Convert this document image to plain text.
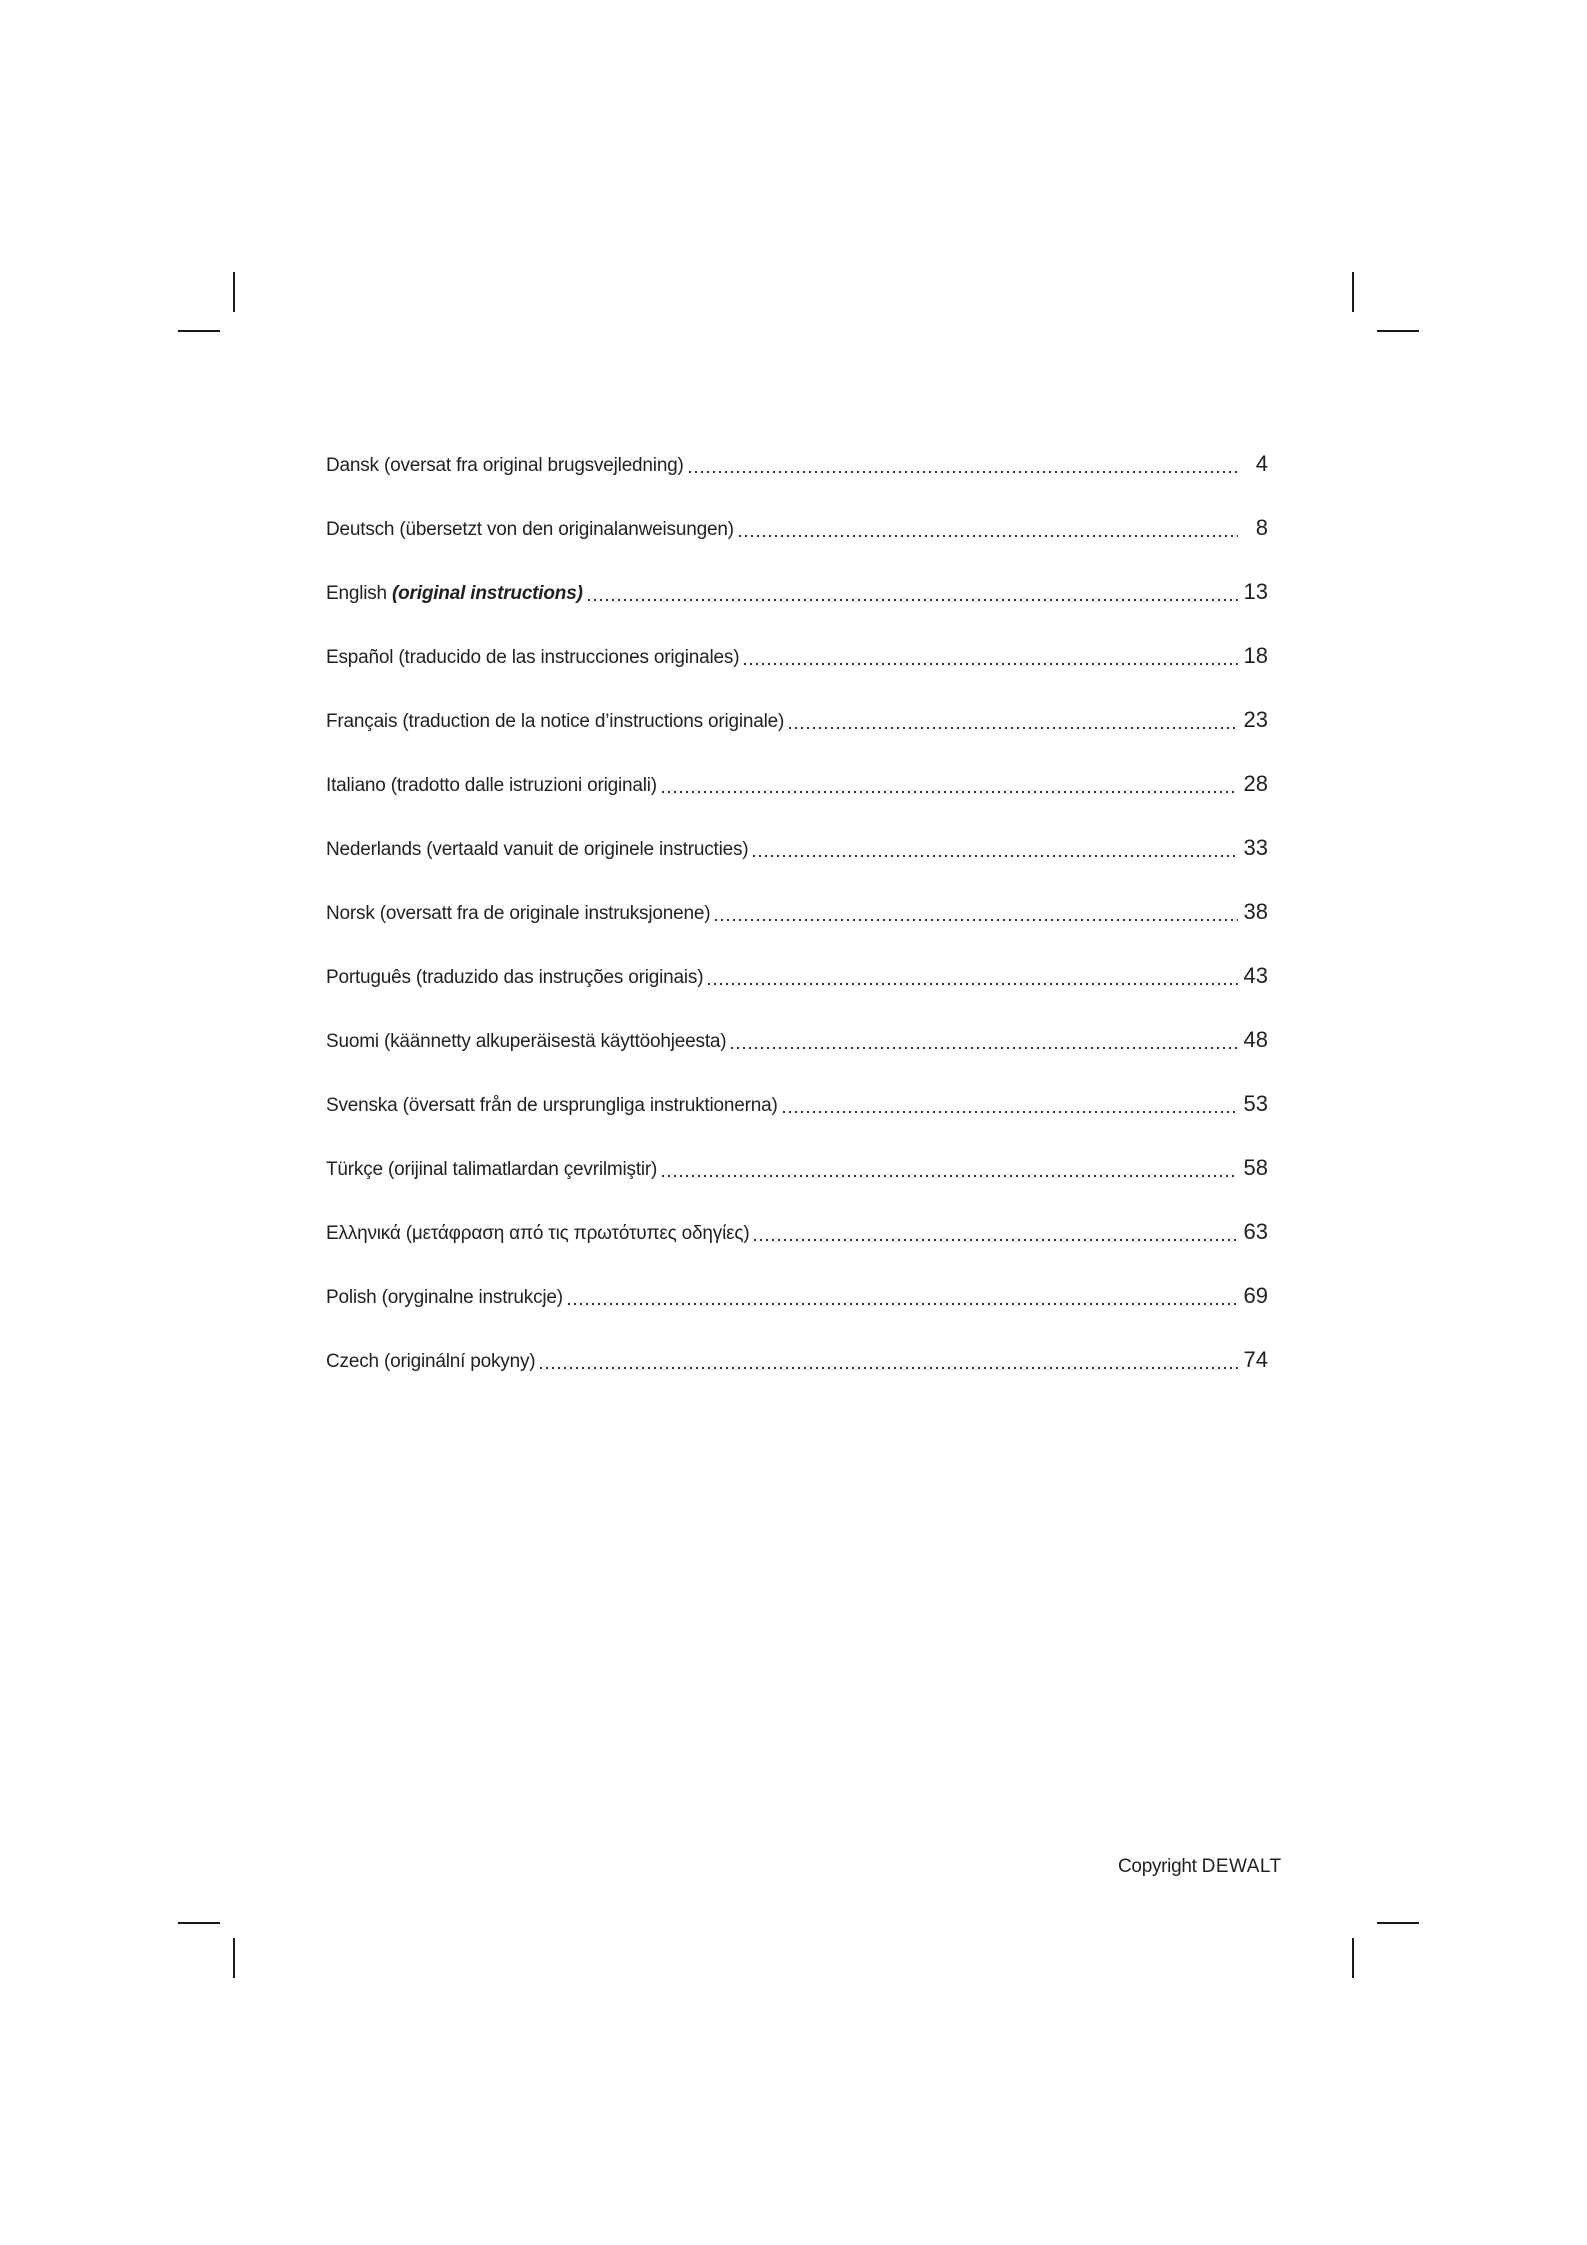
Dansk (oversat fra original brugsvejledning)	4
Deutsch (übersetzt von den originalanweisungen)	8
English (original instructions)	13
Español (traducido de las instrucciones originales)	18
Français (traduction de la notice d’instructions originale)	23
Italiano (tradotto dalle istruzioni originali)	28
Nederlands (vertaald vanuit de originele instructies)	33
Norsk (oversatt fra de originale instruksjonene)	38
Português (traduzido das instruções originais)	43
Suomi (käännetty alkuperäisestä käyttöohjeesta)	48
Svenska (översatt från de ursprungliga instruktionerna)	53
Türkçe (orijinal talimatlardan çevrilmiştir)	58
Ελληνικά (μετάφραση από τις πρωτότυπες οδηγίες)	63
Polish (oryginalne instrukcje)	69
Czech (originální pokyny)	74
Copyright DEWALT
